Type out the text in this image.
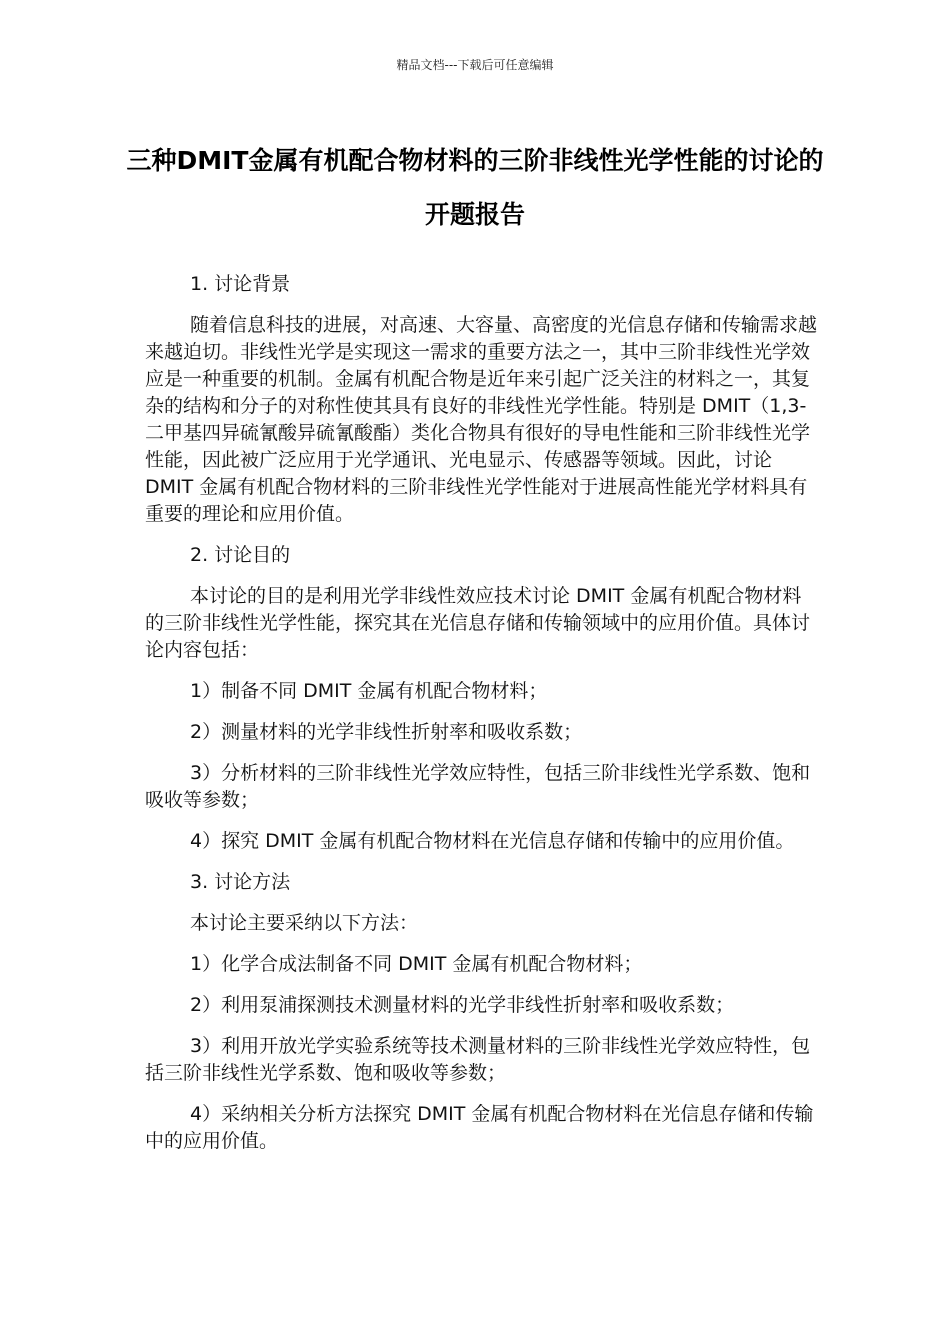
精品文档---下载后可任意编辑
三种DMIT金属有机配合物材料的三阶非线性光学性能的讨论的开题报告

1. 讨论背景

随着信息科技的进展，对高速、大容量、高密度的光信息存储和传输需求越来越迫切。非线性光学是实现这一需求的重要方法之一，其中三阶非线性光学效应是一种重要的机制。金属有机配合物是近年来引起广泛关注的材料之一，其复杂的结构和分子的对称性使其具有良好的非线性光学性能。特别是 DMIT（1,3-二甲基四异硫氰酸异硫氰酸酯）类化合物具有很好的导电性能和三阶非线性光学性能，因此被广泛应用于光学通讯、光电显示、传感器等领域。因此，讨论 DMIT 金属有机配合物材料的三阶非线性光学性能对于进展高性能光学材料具有重要的理论和应用价值。

2. 讨论目的

本讨论的目的是利用光学非线性效应技术讨论 DMIT 金属有机配合物材料的三阶非线性光学性能，探究其在光信息存储和传输领域中的应用价值。具体讨论内容包括：

1）制备不同 DMIT 金属有机配合物材料；

2）测量材料的光学非线性折射率和吸收系数；

3）分析材料的三阶非线性光学效应特性，包括三阶非线性光学系数、饱和吸收等参数；

4）探究 DMIT 金属有机配合物材料在光信息存储和传输中的应用价值。

3. 讨论方法

本讨论主要采纳以下方法：

1）化学合成法制备不同 DMIT 金属有机配合物材料；

2）利用泵浦探测技术测量材料的光学非线性折射率和吸收系数；

3）利用开放光学实验系统等技术测量材料的三阶非线性光学效应特性，包括三阶非线性光学系数、饱和吸收等参数；

4）采纳相关分析方法探究 DMIT 金属有机配合物材料在光信息存储和传输中的应用价值。
